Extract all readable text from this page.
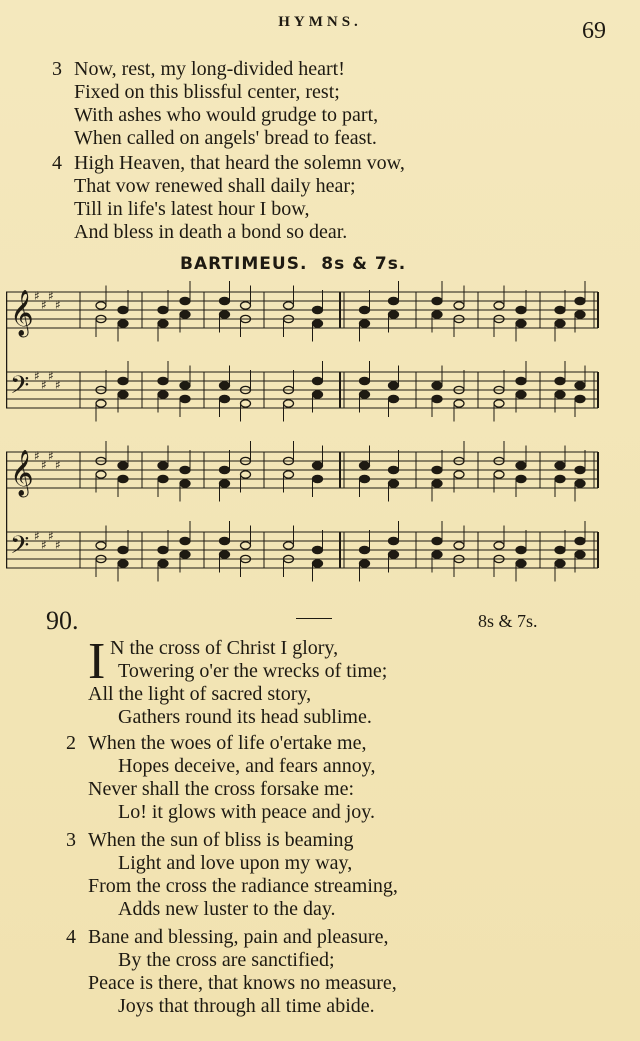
HYMNS.	69
3 Now, rest, my long-divided heart!
Fixed on this blissful center, rest;
With ashes who would grudge to part,
When called on angels' bread to feast.
4 High Heaven, that heard the solemn vow,
That vow renewed shall daily hear;
Till in life's latest hour I bow,
And bless in death a bond so dear.
BARTIMEUS. 8s & 7s.
𝄞 ♯
♯
♯
♯
𝄢 ♯
♯
♯
♯
𝄞 ♯
♯
♯
♯
𝄢 ♯
♯
♯
♯
90.	8s & 7s.
I N the cross of Christ I glory,
Towering o'er the wrecks of time;
All the light of sacred story,
Gathers round its head sublime.
2 When the woes of life o'ertake me,
Hopes deceive, and fears annoy,
Never shall the cross forsake me:
Lo! it glows with peace and joy.
3 When the sun of bliss is beaming
Light and love upon my way,
From the cross the radiance streaming,
Adds new luster to the day.
4 Bane and blessing, pain and pleasure,
By the cross are sanctified;
Peace is there, that knows no measure,
Joys that through all time abide.
